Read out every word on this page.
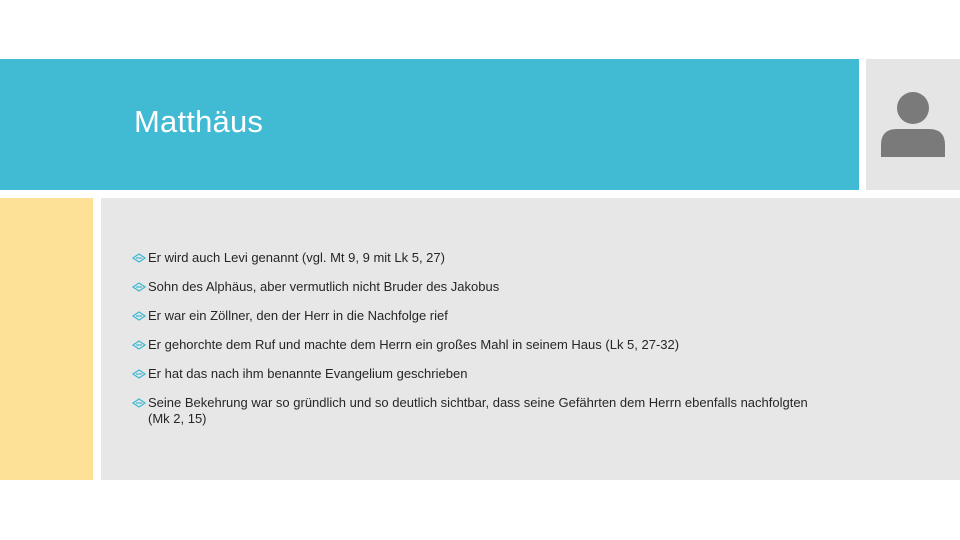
Matthäus
Er wird auch Levi genannt (vgl. Mt 9, 9 mit Lk 5, 27)
Sohn des Alphäus, aber vermutlich nicht Bruder des Jakobus
Er war ein Zöllner, den der Herr in die Nachfolge rief
Er gehorchte dem Ruf und machte dem Herrn ein großes Mahl in seinem Haus (Lk 5, 27-32)
Er hat das nach ihm benannte Evangelium geschrieben
Seine Bekehrung war so gründlich und so deutlich sichtbar, dass seine Gefährten dem Herrn ebenfalls nachfolgten (Mk 2, 15)
